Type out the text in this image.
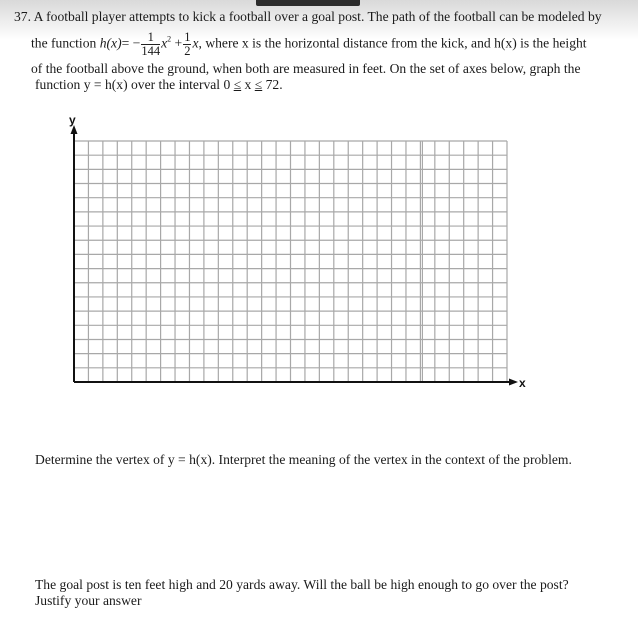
37. A football player attempts to kick a football over a goal post. The path of the football can be modeled by
the function $h(x)= - \frac{1}{144} x^2 + \frac{1}{2} x$, where x is the horizontal distance from the kick, and h(x) is the height
of the football above the ground, when both are measured in feet. On the set of axes below, graph the
function y = h(x) over the interval 0 ≤ x ≤ 72.
y
x
Determine the vertex of y = h(x). Interpret the meaning of the vertex in the context of the problem.
The goal post is ten feet high and 20 yards away. Will the ball be high enough to go over the post?
Justify your answer
